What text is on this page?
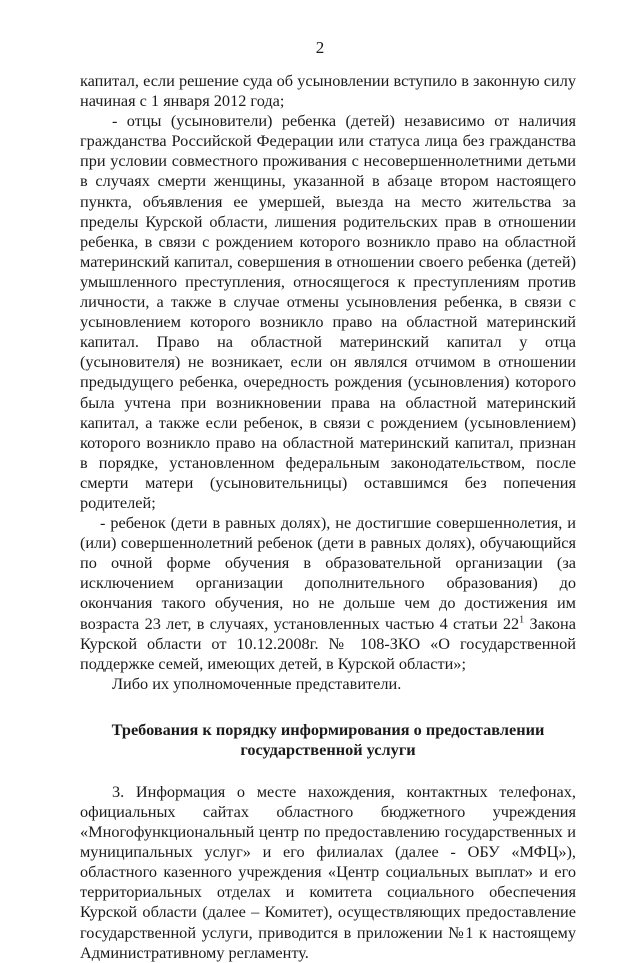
2

капитал, если решение суда об усыновлении вступило в законную силу начиная с 1 января 2012 года;

- отцы (усыновители) ребенка (детей) независимо от наличия гражданства Российской Федерации или статуса лица без гражданства при условии совместного проживания с несовершеннолетними детьми в случаях смерти женщины, указанной в абзаце втором настоящего пункта, объявления ее умершей, выезда на место жительства за пределы Курской области, лишения родительских прав в отношении ребенка, в связи с рождением которого возникло право на областной материнский капитал, совершения в отношении своего ребенка (детей) умышленного преступления, относящегося к преступлениям против личности, а также в случае отмены усыновления ребенка, в связи с усыновлением которого возникло право на областной материнский капитал. Право на областной материнский капитал у отца (усыновителя) не возникает, если он являлся отчимом в отношении предыдущего ребенка, очередность рождения (усыновления) которого была учтена при возникновении права на областной материнский капитал, а также если ребенок, в связи с рождением (усыновлением) которого возникло право на областной материнский капитал, признан в порядке, установленном федеральным законодательством, после смерти матери (усыновительницы) оставшимся без попечения родителей;

- ребенок (дети в равных долях), не достигшие совершеннолетия, и (или) совершеннолетний ребенок (дети в равных долях), обучающийся по очной форме обучения в образовательной организации (за исключением организации дополнительного образования) до окончания такого обучения, но не дольше чем до достижения им возраста 23 лет, в случаях, установленных частью 4 статьи $22^1$ Закона Курской области от 10.12.2008г. № 108-ЗКО «О государственной поддержке семей, имеющих детей, в Курской области»;

Либо их уполномоченные представители.

Требования к порядку информирования о предоставлении государственной услуги

3. Информация о месте нахождения, контактных телефонах, официальных сайтах областного бюджетного учреждения «Многофункциональный центр по предоставлению государственных и муниципальных услуг» и его филиалах (далее - ОБУ «МФЦ»), областного казенного учреждения «Центр социальных выплат» и его территориальных отделах и комитета социального обеспечения Курской области (далее – Комитет), осуществляющих предоставление государственной услуги, приводится в приложении №1 к настоящему Административному регламенту.
